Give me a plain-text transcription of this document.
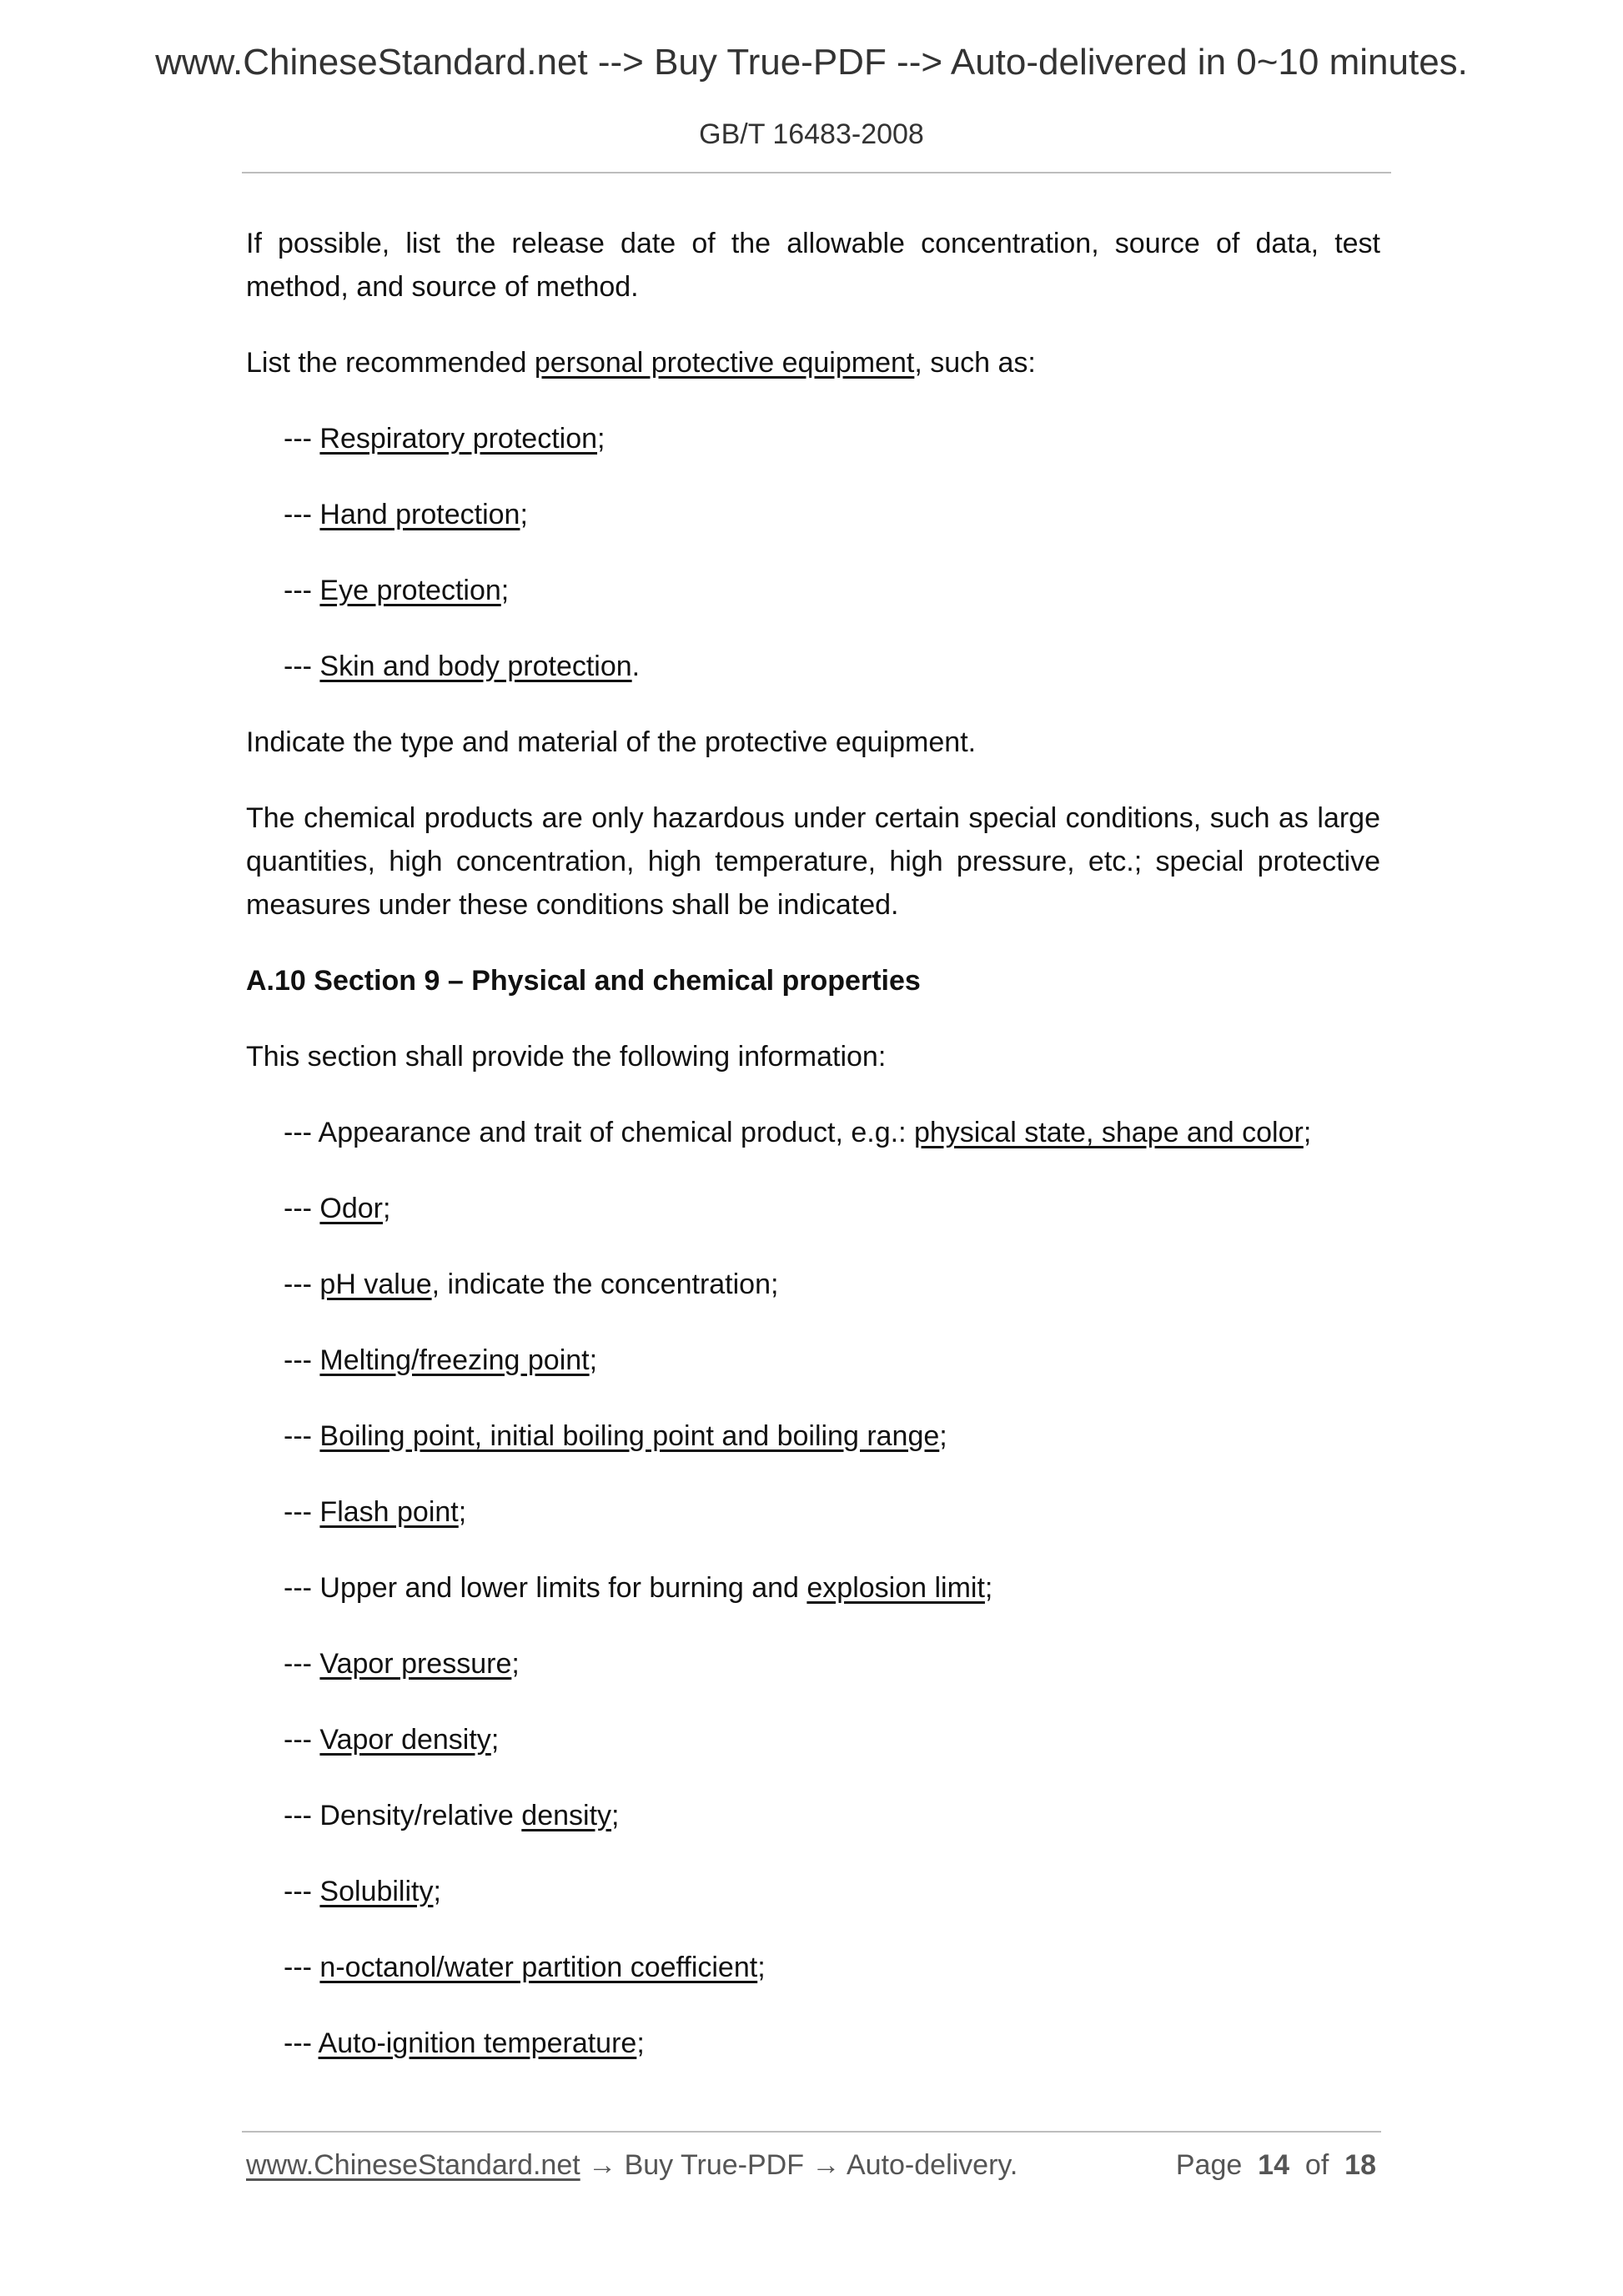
www.ChineseStandard.net --> Buy True-PDF --> Auto-delivered in 0~10 minutes.
GB/T 16483-2008

If possible, list the release date of the allowable concentration, source of data, test method, and source of method.

List the recommended personal protective equipment, such as:

--- Respiratory protection;
--- Hand protection;
--- Eye protection;
--- Skin and body protection.

Indicate the type and material of the protective equipment.

The chemical products are only hazardous under certain special conditions, such as large quantities, high concentration, high temperature, high pressure, etc.; special protective measures under these conditions shall be indicated.

A.10 Section 9 – Physical and chemical properties

This section shall provide the following information:

--- Appearance and trait of chemical product, e.g.: physical state, shape and color;
--- Odor;
--- pH value, indicate the concentration;
--- Melting/freezing point;
--- Boiling point, initial boiling point and boiling range;
--- Flash point;
--- Upper and lower limits for burning and explosion limit;
--- Vapor pressure;
--- Vapor density;
--- Density/relative density;
--- Solubility;
--- n-octanol/water partition coefficient;
--- Auto-ignition temperature;
www.ChineseStandard.net → Buy True-PDF → Auto-delivery.	Page 14 of 18
